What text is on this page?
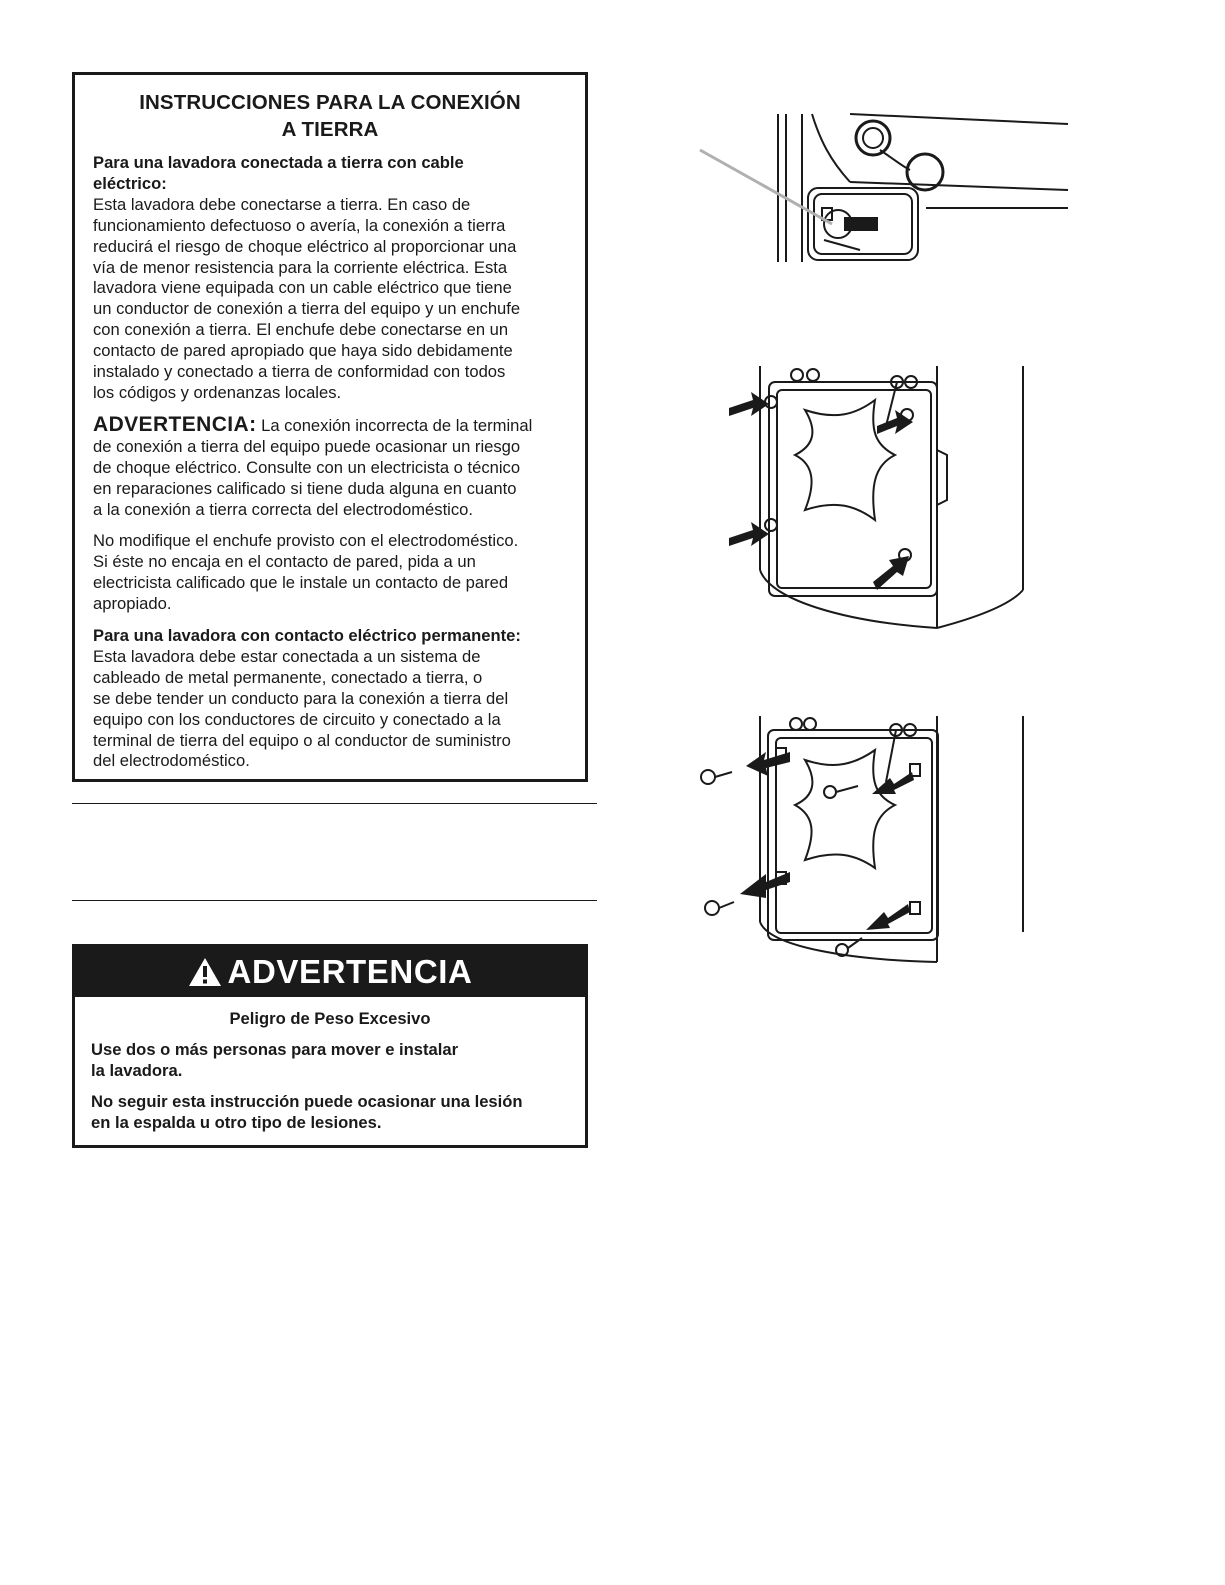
INSTRUCCIONES PARA LA CONEXIÓN
A TIERRA
Para una lavadora conectada a tierra con cable
eléctrico:
Esta lavadora debe conectarse a tierra. En caso de
funcionamiento defectuoso o avería, la conexión a tierra
reducirá el riesgo de choque eléctrico al proporcionar una
vía de menor resistencia para la corriente eléctrica. Esta
lavadora viene equipada con un cable eléctrico que tiene
un conductor de conexión a tierra del equipo y un enchufe
con conexión a tierra. El enchufe debe conectarse en un
contacto de pared apropiado que haya sido debidamente
instalado y conectado a tierra de conformidad con todos
los códigos y ordenanzas locales.
ADVERTENCIA: La conexión incorrecta de la terminal
de conexión a tierra del equipo puede ocasionar un riesgo
de choque eléctrico. Consulte con un electricista o técnico
en reparaciones calificado si tiene duda alguna en cuanto
a la conexión a tierra correcta del electrodoméstico.
No modifique el enchufe provisto con el electrodoméstico.
Si éste no encaja en el contacto de pared, pida a un
electricista calificado que le instale un contacto de pared
apropiado.
Para una lavadora con contacto eléctrico permanente:
Esta lavadora debe estar conectada a un sistema de
cableado de metal permanente, conectado a tierra, o
se debe tender un conducto para la conexión a tierra del
equipo con los conductores de circuito y conectado a la
terminal de tierra del equipo o al conductor de suministro
del electrodoméstico.
ADVERTENCIA
Peligro de Peso Excesivo
Use dos o más personas para mover e instalar
la lavadora.
No seguir esta instrucción puede ocasionar una lesión
en la espalda u otro tipo de lesiones.
